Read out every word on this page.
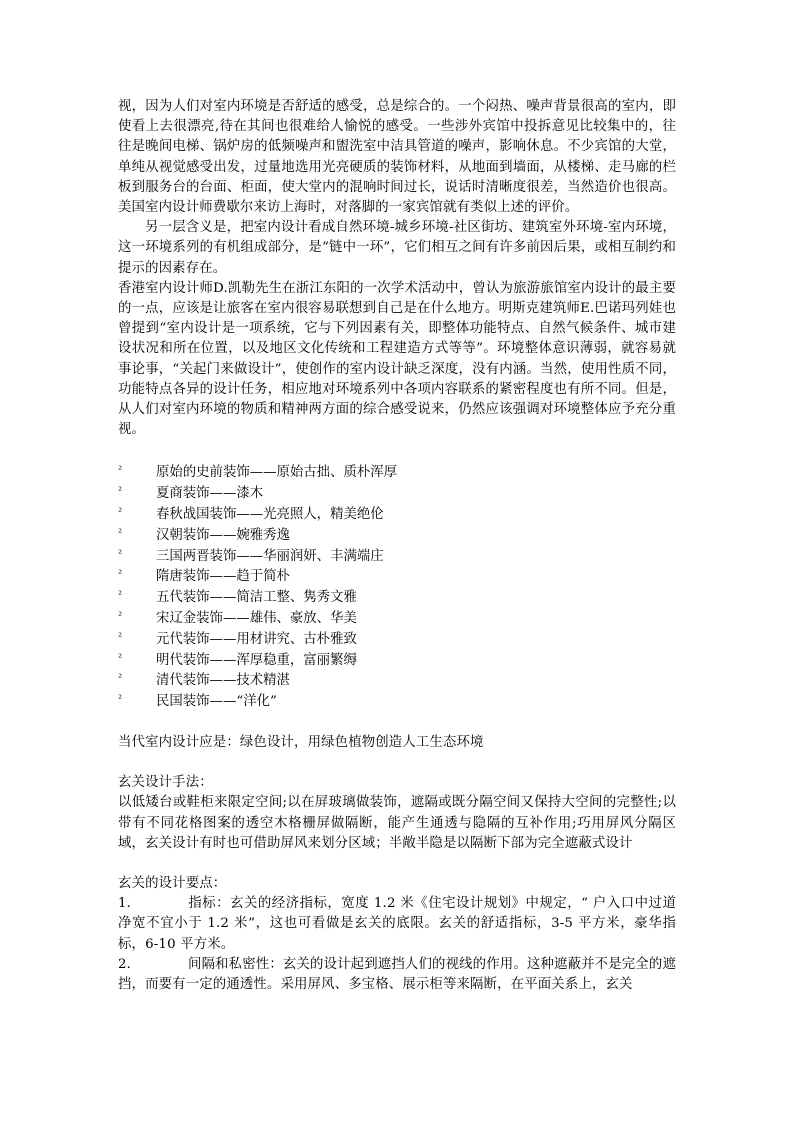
视，因为人们对室内环境是否舒适的感受，总是综合的。一个闷热、噪声背景很高的室内，即使看上去很漂亮,待在其间也很难给人愉悦的感受。一些涉外宾馆中投拆意见比较集中的，往往是晚间电梯、锅炉房的低频噪声和盥洗室中洁具管道的噪声，影响休息。不少宾馆的大堂，单纯从视觉感受出发，过量地选用光亮硬质的装饰材料，从地面到墙面，从楼梯、走马廊的栏板到服务台的台面、柜面，使大堂内的混响时间过长，说话时清晰度很差，当然造价也很高。美国室内设计师费歇尔来访上海时，对落脚的一家宾馆就有类似上述的评价。

另一层含义是，把室内设计看成自然环境-城乡环境-社区街坊、建筑室外环境-室内环境，这一环境系列的有机组成部分，是“链中一环”，它们相互之间有许多前因后果，或相互制约和提示的因素存在。

香港室内设计师D.凯勒先生在浙江东阳的一次学术活动中，曾认为旅游旅馆室内设计的最主要的一点，应该是让旅客在室内很容易联想到自己是在什么地方。明斯克建筑师E.巴诺玛列娃也曾提到“室内设计是一项系统，它与下列因素有关，即整体功能特点、自然气候条件、城市建设状况和所在位置，以及地区文化传统和工程建造方式等等”。环境整体意识薄弱，就容易就事论事，“关起门来做设计”，使创作的室内设计缺乏深度，没有内涵。当然，使用性质不同，功能特点各异的设计任务，相应地对环境系列中各项内容联系的紧密程度也有所不同。但是，从人们对室内环境的物质和精神两方面的综合感受说来，仍然应该强调对环境整体应予充分重视。

²	原始的史前装饰——原始古拙、质朴浑厚
²	夏商装饰——漆木
²	春秋战国装饰——光亮照人，精美绝伦
²	汉朝装饰——婉雅秀逸
²	三国两晋装饰——华丽润妍、丰满端庄
²	隋唐装饰——趋于简朴
²	五代装饰——简洁工整、隽秀文雅
²	宋辽金装饰——雄伟、豪放、华美
²	元代装饰——用材讲究、古朴雅致
²	明代装饰——浑厚稳重，富丽繁缛
²	清代装饰——技术精湛
²	民国装饰——“洋化”

当代室内设计应是：绿色设计，用绿色植物创造人工生态环境

玄关设计手法：

以低矮台或鞋柜来限定空间;以在屏玻璃做装饰，遮隔或既分隔空间又保持大空间的完整性;以带有不同花格图案的透空木格栅屏做隔断，能产生通透与隐隔的互补作用;巧用屏风分隔区域，玄关设计有时也可借助屏风来划分区域；半敞半隐是以隔断下部为完全遮蔽式设计

玄关的设计要点：

1．	指标：玄关的经济指标，宽度 1.2 米《住宅设计规划》中规定，“ 户入口中过道净宽不宜小于 1.2 米”，这也可看做是玄关的底限。玄关的舒适指标，3-5 平方米，豪华指标，6-10 平方米。

2．	间隔和私密性：玄关的设计起到遮挡人们的视线的作用。这种遮蔽并不是完全的遮挡，而要有一定的通透性。采用屏风、多宝格、展示柜等来隔断，在平面关系上，玄关
